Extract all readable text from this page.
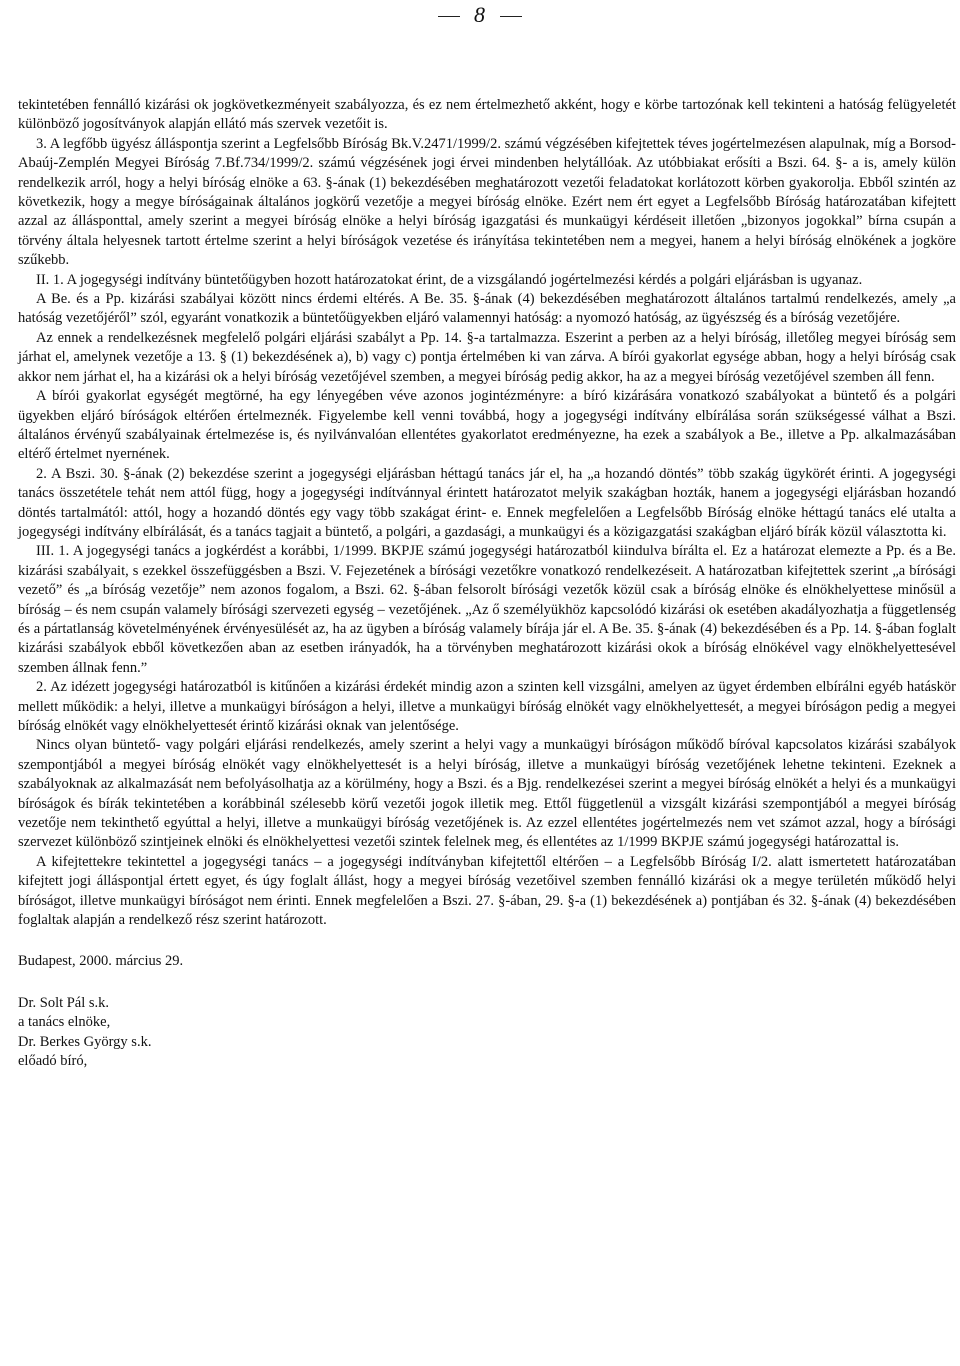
8

tekintetében fennálló kizárási ok jogkövetkezményeit szabályozza, és ez nem értelmezhető akként, hogy e körbe tartozónak kell tekinteni a hatóság felügyeletét különböző jogosítványok alapján ellátó más szervek vezetőit is.

3. A legfőbb ügyész álláspontja szerint a Legfelsőbb Bíróság Bk.V.2471/1999/2. számú végzésében kifejtettek téves jogértelmezésen alapulnak, míg a Borsod-Abaúj-Zemplén Megyei Bíróság 7.Bf.734/1999/2. számú végzésének jogi érvei mindenben helytállóak. Az utóbbiakat erősíti a Bszi. 64. §- a is, amely külön rendelkezik arról, hogy a helyi bíróság elnöke a 63. §-ának (1) bekezdésében meghatározott vezetői feladatokat korlátozott körben gyakorolja. Ebből szintén az következik, hogy a megye bíróságainak általános jogkörű vezetője a megyei bíróság elnöke. Ezért nem ért egyet a Legfelsőbb Bíróság határozatában kifejtett azzal az állásponttal, amely szerint a megyei bíróság elnöke a helyi bíróság igazgatási és munkaügyi kérdéseit illetően „bizonyos jogokkal” bírna csupán a törvény általa helyesnek tartott értelme szerint a helyi bíróságok vezetése és irányítása tekintetében nem a megyei, hanem a helyi bíróság elnökének a jogköre szűkebb.

II. 1. A jogegységi indítvány büntetőügyben hozott határozatokat érint, de a vizsgálandó jogértelmezési kérdés a polgári eljárásban is ugyanaz.

A Be. és a Pp. kizárási szabályai között nincs érdemi eltérés. A Be. 35. §-ának (4) bekezdésében meghatározott általános tartalmú rendelkezés, amely „a hatóság vezetőjéről” szól, egyaránt vonatkozik a büntetőügyekben eljáró valamennyi hatóság: a nyomozó hatóság, az ügyészség és a bíróság vezetőjére.

Az ennek a rendelkezésnek megfelelő polgári eljárási szabályt a Pp. 14. §-a tartalmazza. Eszerint a perben az a helyi bíróság, illetőleg megyei bíróság sem járhat el, amelynek vezetője a 13. § (1) bekezdésének a), b) vagy c) pontja értelmében ki van zárva. A bírói gyakorlat egysége abban, hogy a helyi bíróság csak akkor nem járhat el, ha a kizárási ok a helyi bíróság vezetőjével szemben, a megyei bíróság pedig akkor, ha az a megyei bíróság vezetőjével szemben áll fenn.

A bírói gyakorlat egységét megtörné, ha egy lényegében véve azonos jogintézményre: a bíró kizárására vonatkozó szabályokat a büntető és a polgári ügyekben eljáró bíróságok eltérően értelmeznék. Figyelembe kell venni továbbá, hogy a jogegységi indítvány elbírálása során szükségessé válhat a Bszi. általános érvényű szabályainak értelmezése is, és nyilvánvalóan ellentétes gyakorlatot eredményezne, ha ezek a szabályok a Be., illetve a Pp. alkalmazásában eltérő értelmet nyernének.

2. A Bszi. 30. §-ának (2) bekezdése szerint a jogegységi eljárásban héttagú tanács jár el, ha „a hozandó döntés” több szakág ügykörét érinti. A jogegységi tanács összetétele tehát nem attól függ, hogy a jogegységi indítvánnyal érintett határozatot melyik szakágban hozták, hanem a jogegységi eljárásban hozandó döntés tartalmától: attól, hogy a hozandó döntés egy vagy több szakágat érint- e. Ennek megfelelően a Legfelsőbb Bíróság elnöke héttagú tanács elé utalta a jogegységi indítvány elbírálását, és a tanács tagjait a büntető, a polgári, a gazdasági, a munkaügyi és a közigazgatási szakágban eljáró bírák közül választotta ki.

III. 1. A jogegységi tanács a jogkérdést a korábbi, 1/1999. BKPJE számú jogegységi határozatból kiindulva bírálta el. Ez a határozat elemezte a Pp. és a Be. kizárási szabályait, s ezekkel összefüggésben a Bszi. V. Fejezetének a bírósági vezetőkre vonatkozó rendelkezéseit. A határozatban kifejtettek szerint „a bírósági vezető” és „a bíróság vezetője” nem azonos fogalom, a Bszi. 62. §-ában felsorolt bírósági vezetők közül csak a bíróság elnöke és elnökhelyettese minősül a bíróság – és nem csupán valamely bírósági szervezeti egység – vezetőjének. „Az ő személyükhöz kapcsolódó kizárási ok esetében akadályozhatja a függetlenség és a pártatlanság követelményének érvényesülését az, ha az ügyben a bíróság valamely bírája jár el. A Be. 35. §-ának (4) bekezdésében és a Pp. 14. §-ában foglalt kizárási szabályok ebből következően aban az esetben irányadók, ha a törvényben meghatározott kizárási okok a bíróság elnökével vagy elnökhelyettesével szemben állnak fenn.”

2. Az idézett jogegységi határozatból is kitűnően a kizárási érdekét mindig azon a szinten kell vizsgálni, amelyen az ügyet érdemben elbírálni egyéb hatáskör mellett működik: a helyi, illetve a munkaügyi bíróságon a helyi, illetve a munkaügyi bíróság elnökét vagy elnökhelyettesét, a megyei bíróságon pedig a megyei bíróság elnökét vagy elnökhelyettesét érintő kizárási oknak van jelentősége.

Nincs olyan büntető- vagy polgári eljárási rendelkezés, amely szerint a helyi vagy a munkaügyi bíróságon működő bíróval kapcsolatos kizárási szabályok szempontjából a megyei bíróság elnökét vagy elnökhelyettesét is a helyi bíróság, illetve a munkaügyi bíróság vezetőjének lehetne tekinteni. Ezeknek a szabályoknak az alkalmazását nem befolyásolhatja az a körülmény, hogy a Bszi. és a Bjg. rendelkezései szerint a megyei bíróság elnökét a helyi és a munkaügyi bíróságok és bírák tekintetében a korábbinál szélesebb körű vezetői jogok illetik meg. Ettől függetlenül a vizsgált kizárási szempontjából a megyei bíróság vezetője nem tekinthető egyúttal a helyi, illetve a munkaügyi bíróság vezetőjének is. Az ezzel ellentétes jogértelmezés nem vet számot azzal, hogy a bírósági szervezet különböző szintjeinek elnöki és elnökhelyettesi vezetői szintek felelnek meg, és ellentétes az 1/1999 BKPJE számú jogegységi határozattal is.

A kifejtettekre tekintettel a jogegységi tanács – a jogegységi indítványban kifejtettől eltérően – a Legfelsőbb Bíróság I/2. alatt ismertetett határozatában kifejtett jogi álláspontjal értett egyet, és úgy foglalt állást, hogy a megyei bíróság vezetőivel szemben fennálló kizárási ok a megye területén működő helyi bíróságot, illetve munkaügyi bíróságot nem érinti. Ennek megfelelően a Bszi. 27. §-ában, 29. §-a (1) bekezdésének a) pontjában és 32. §-ának (4) bekezdésében foglaltak alapján a rendelkező rész szerint határozott.

Budapest, 2000. március 29.

Dr. Solt Pál s.k.

a tanács elnöke,

Dr. Berkes György s.k.

előadó bíró,
